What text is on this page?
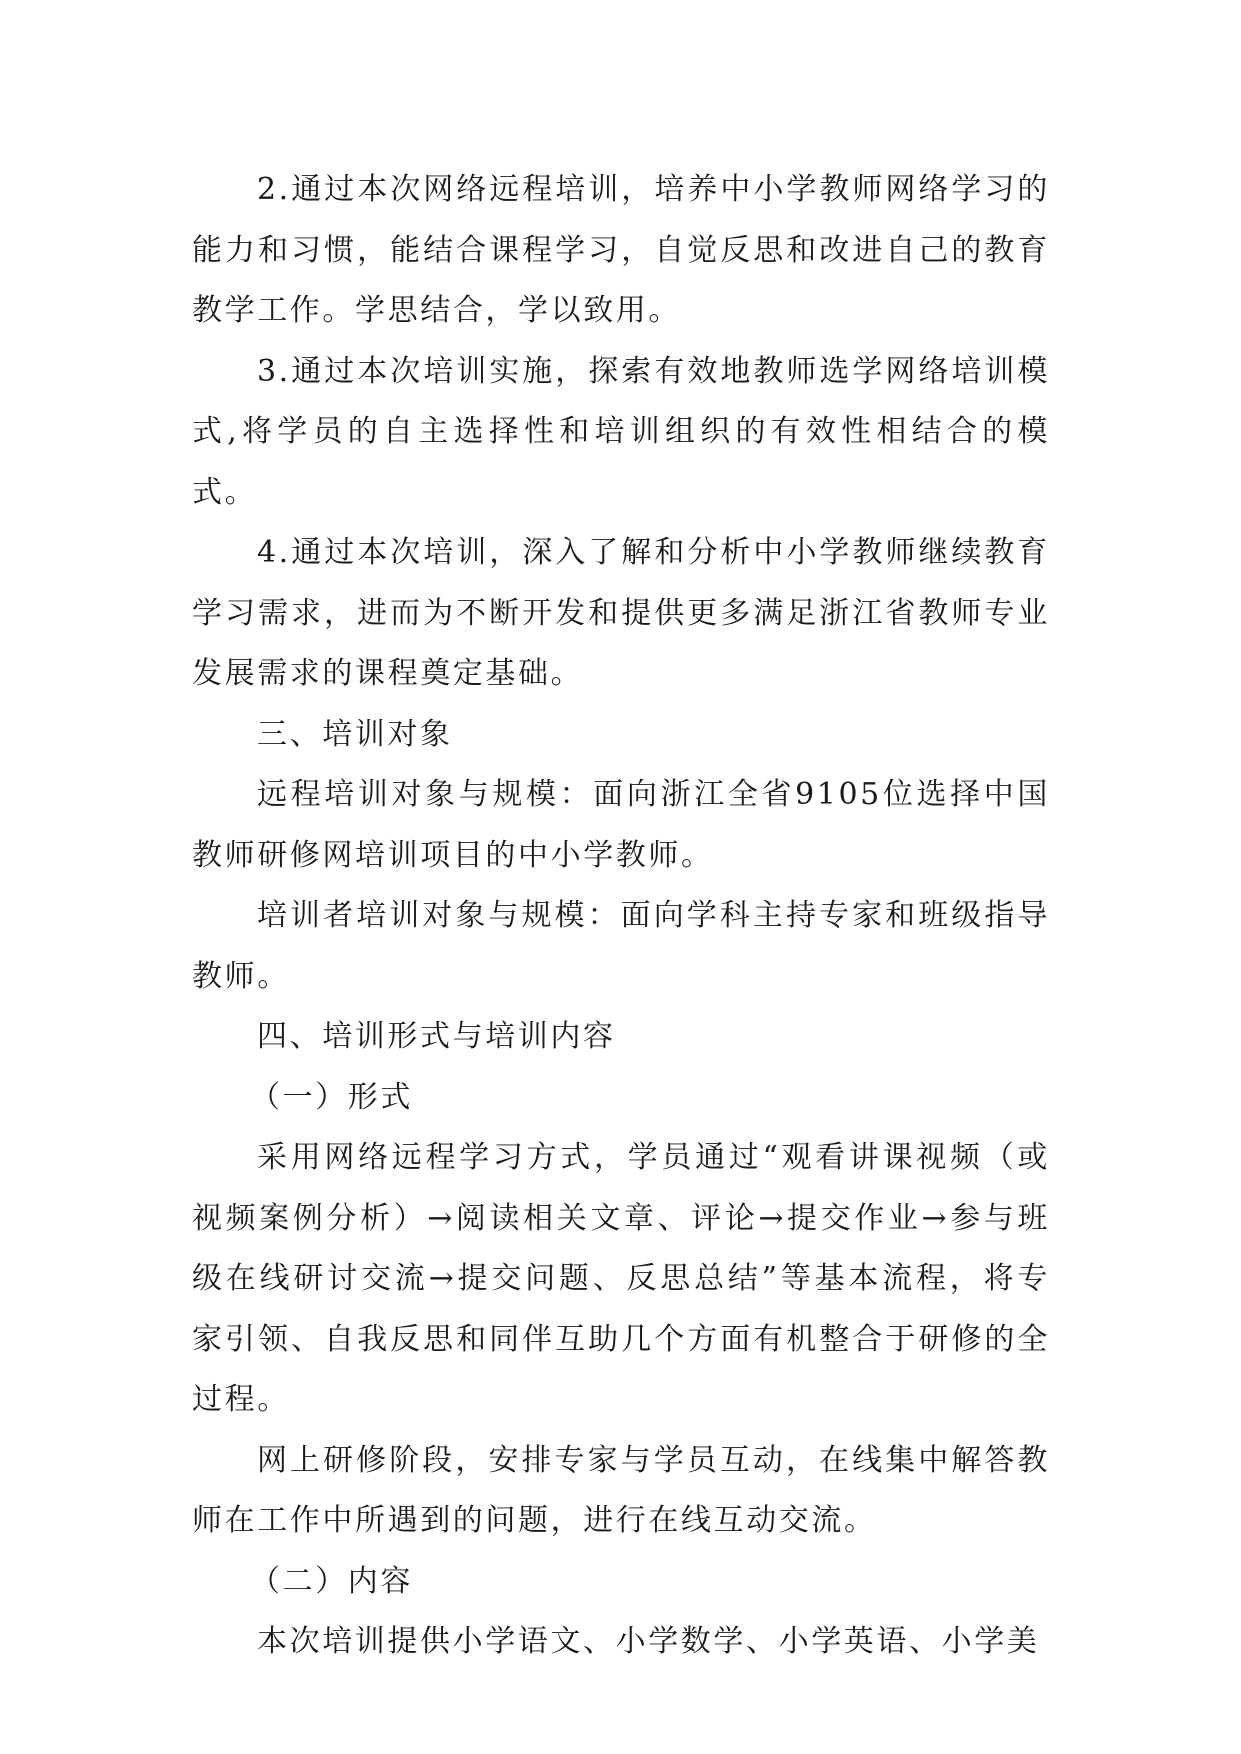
2.通过本次网络远程培训，培养中小学教师网络学习的能力和习惯，能结合课程学习，自觉反思和改进自己的教育教学工作。学思结合，学以致用。

3.通过本次培训实施，探索有效地教师选学网络培训模式,将学员的自主选择性和培训组织的有效性相结合的模式。

4.通过本次培训，深入了解和分析中小学教师继续教育学习需求，进而为不断开发和提供更多满足浙江省教师专业发展需求的课程奠定基础。

三、培训对象

远程培训对象与规模：面向浙江全省9105位选择中国教师研修网培训项目的中小学教师。

培训者培训对象与规模：面向学科主持专家和班级指导教师。

四、培训形式与培训内容

（一）形式

采用网络远程学习方式，学员通过“观看讲课视频（或视频案例分析）→阅读相关文章、评论→提交作业→参与班级在线研讨交流→提交问题、反思总结”等基本流程，将专家引领、自我反思和同伴互助几个方面有机整合于研修的全过程。

网上研修阶段，安排专家与学员互动，在线集中解答教师在工作中所遇到的问题，进行在线互动交流。

（二）内容

本次培训提供小学语文、小学数学、小学英语、小学美
